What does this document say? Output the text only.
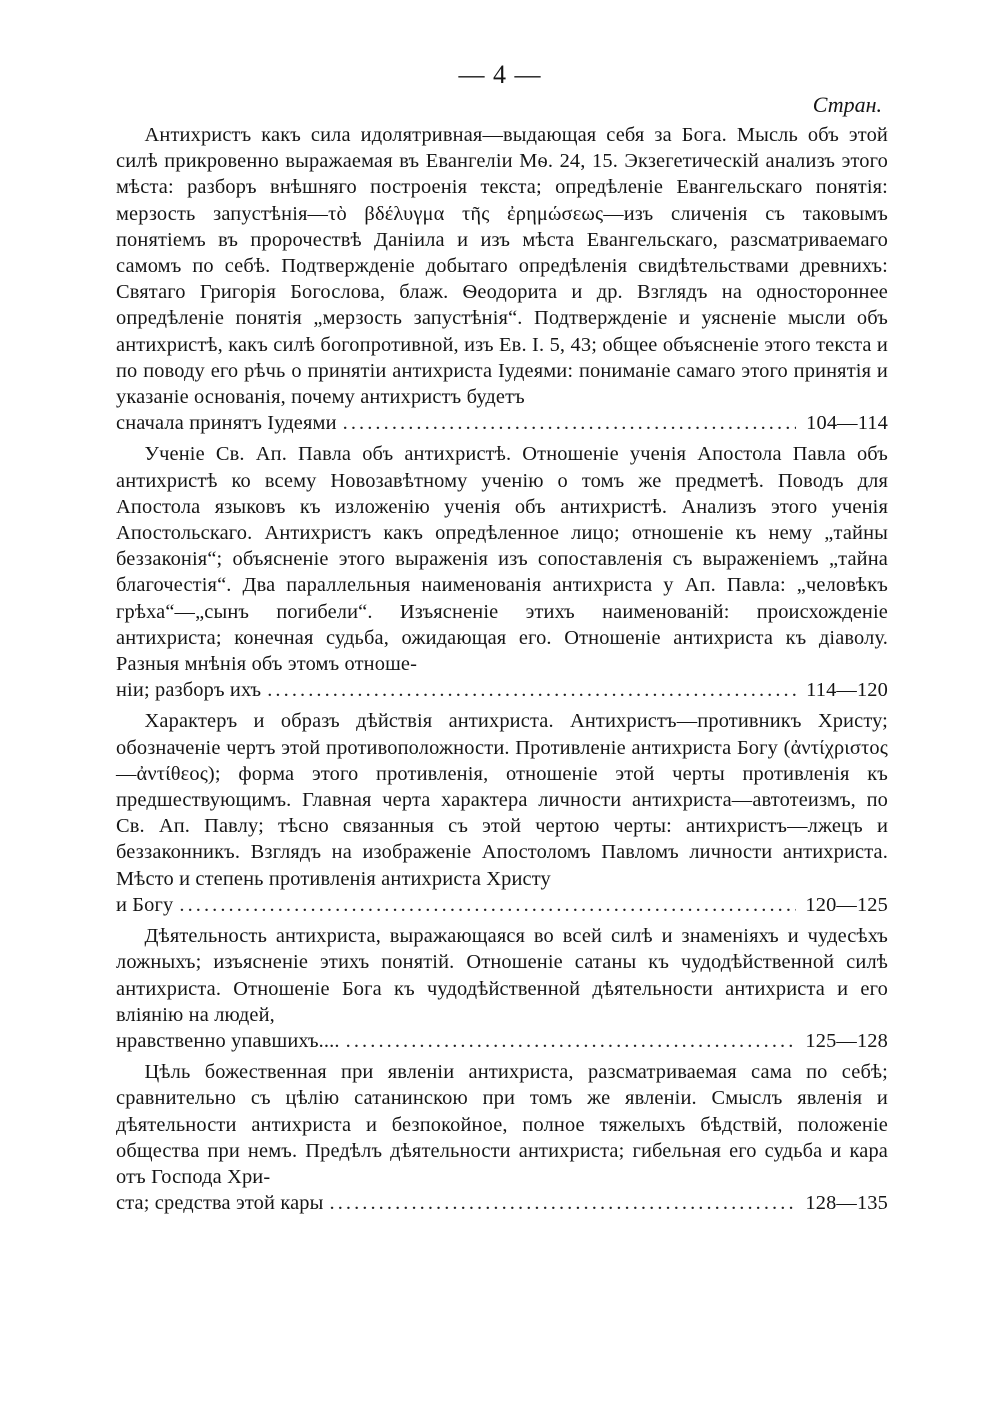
— 4 —
Стран.
Антихристъ какъ сила идолятривная—выдающая себя за Бога. Мысль объ этой силѣ прикровенно выражаемая въ Евангеліи Мѳ. 24, 15. Экзегетическій анализъ этого мѣста: разборъ внѣшняго построенія текста; опредѣленіе Евангельскаго понятія: мерзость запустѣнія—τὸ βδέλυγμα τῆς ἐρημώσεως—изъ сличенія съ таковымъ понятіемъ въ пророчествѣ Даніила и изъ мѣста Евангельскаго, разсматриваемаго самомъ по себѣ. Подтвержденіе добытаго опредѣленія свидѣтельствами древнихъ: Святаго Григорія Богослова, блаж. Ѳеодорита и др. Взглядъ на одностороннее опредѣленіе понятія „мерзость запустѣнія“. Подтвержденіе и уясненіе мысли объ антихристѣ, какъ силѣ богопротивной, изъ Ев. І. 5, 43; общее объясненіе этого текста и по поводу его рѣчь о принятіи антихриста Іудеями: пониманіе самаго этого принятія и указаніе основанія, почему антихристъ будетъ
сначала принятъ Іудеями . . .	104—114
Ученіе Св. Ап. Павла объ антихристѣ. Отношеніе ученія Апостола Павла объ антихристѣ ко всему Новозавѣтному ученію о томъ же предметѣ. Поводъ для Апостола языковъ къ изложенію ученія объ антихристѣ. Анализъ этого ученія Апостольскаго. Антихристъ какъ опредѣленное лицо; отношеніе къ нему „тайны беззаконія“; объясненіе этого выраженія изъ сопоставленія съ выраженіемъ „тайна благочестія“. Два параллельныя наименованія антихриста у Ап. Павла: „человѣкъ грѣха“—„сынъ погибели“. Изъясненіе этихъ наименованій: происхожденіе антихриста; конечная судьба, ожидающая его. Отношеніе антихриста къ діаволу. Разныя мнѣнія объ этомъ отноше-
ніи; разборъ ихъ . . .	114—120
Характеръ и образъ дѣйствія антихриста. Антихристъ—противникъ Христу; обозначеніе чертъ этой противоположности. Противленіе антихриста Богу (ἀντίχριστος—ἀντίθεος); форма этого противленія, отношеніе этой черты противленія къ предшествующимъ. Главная черта характера личности антихриста—автотеизмъ, по Св. Ап. Павлу; тѣсно связанныя съ этой чертою черты: антихристъ—лжецъ и беззаконникъ. Взглядъ на изображеніе Апостоломъ Павломъ личности антихриста. Мѣсто и степень противленія антихриста Христу
и Богу . . .	120—125
Дѣятельность антихриста, выражающаяся во всей силѣ и знаменіяхъ и чудесѣхъ ложныхъ; изъясненіе этихъ понятій. Отношеніе сатаны къ чудодѣйственной силѣ антихриста. Отношеніе Бога къ чудодѣйственной дѣятельности антихриста и его вліянію на людей,
нравственно упавшихъ.... . . .	125—128
Цѣль божественная при явленіи антихриста, разсматриваемая сама по себѣ; сравнительно съ цѣлію сатанинскою при томъ же явленіи. Смыслъ явленія и дѣятельности антихриста и безпокойное, полное тяжелыхъ бѣдствій, положеніе общества при немъ. Предѣлъ дѣятельности антихриста; гибельная его судьба и кара отъ Господа Хри-
ста; средства этой кары . . .	128—135
